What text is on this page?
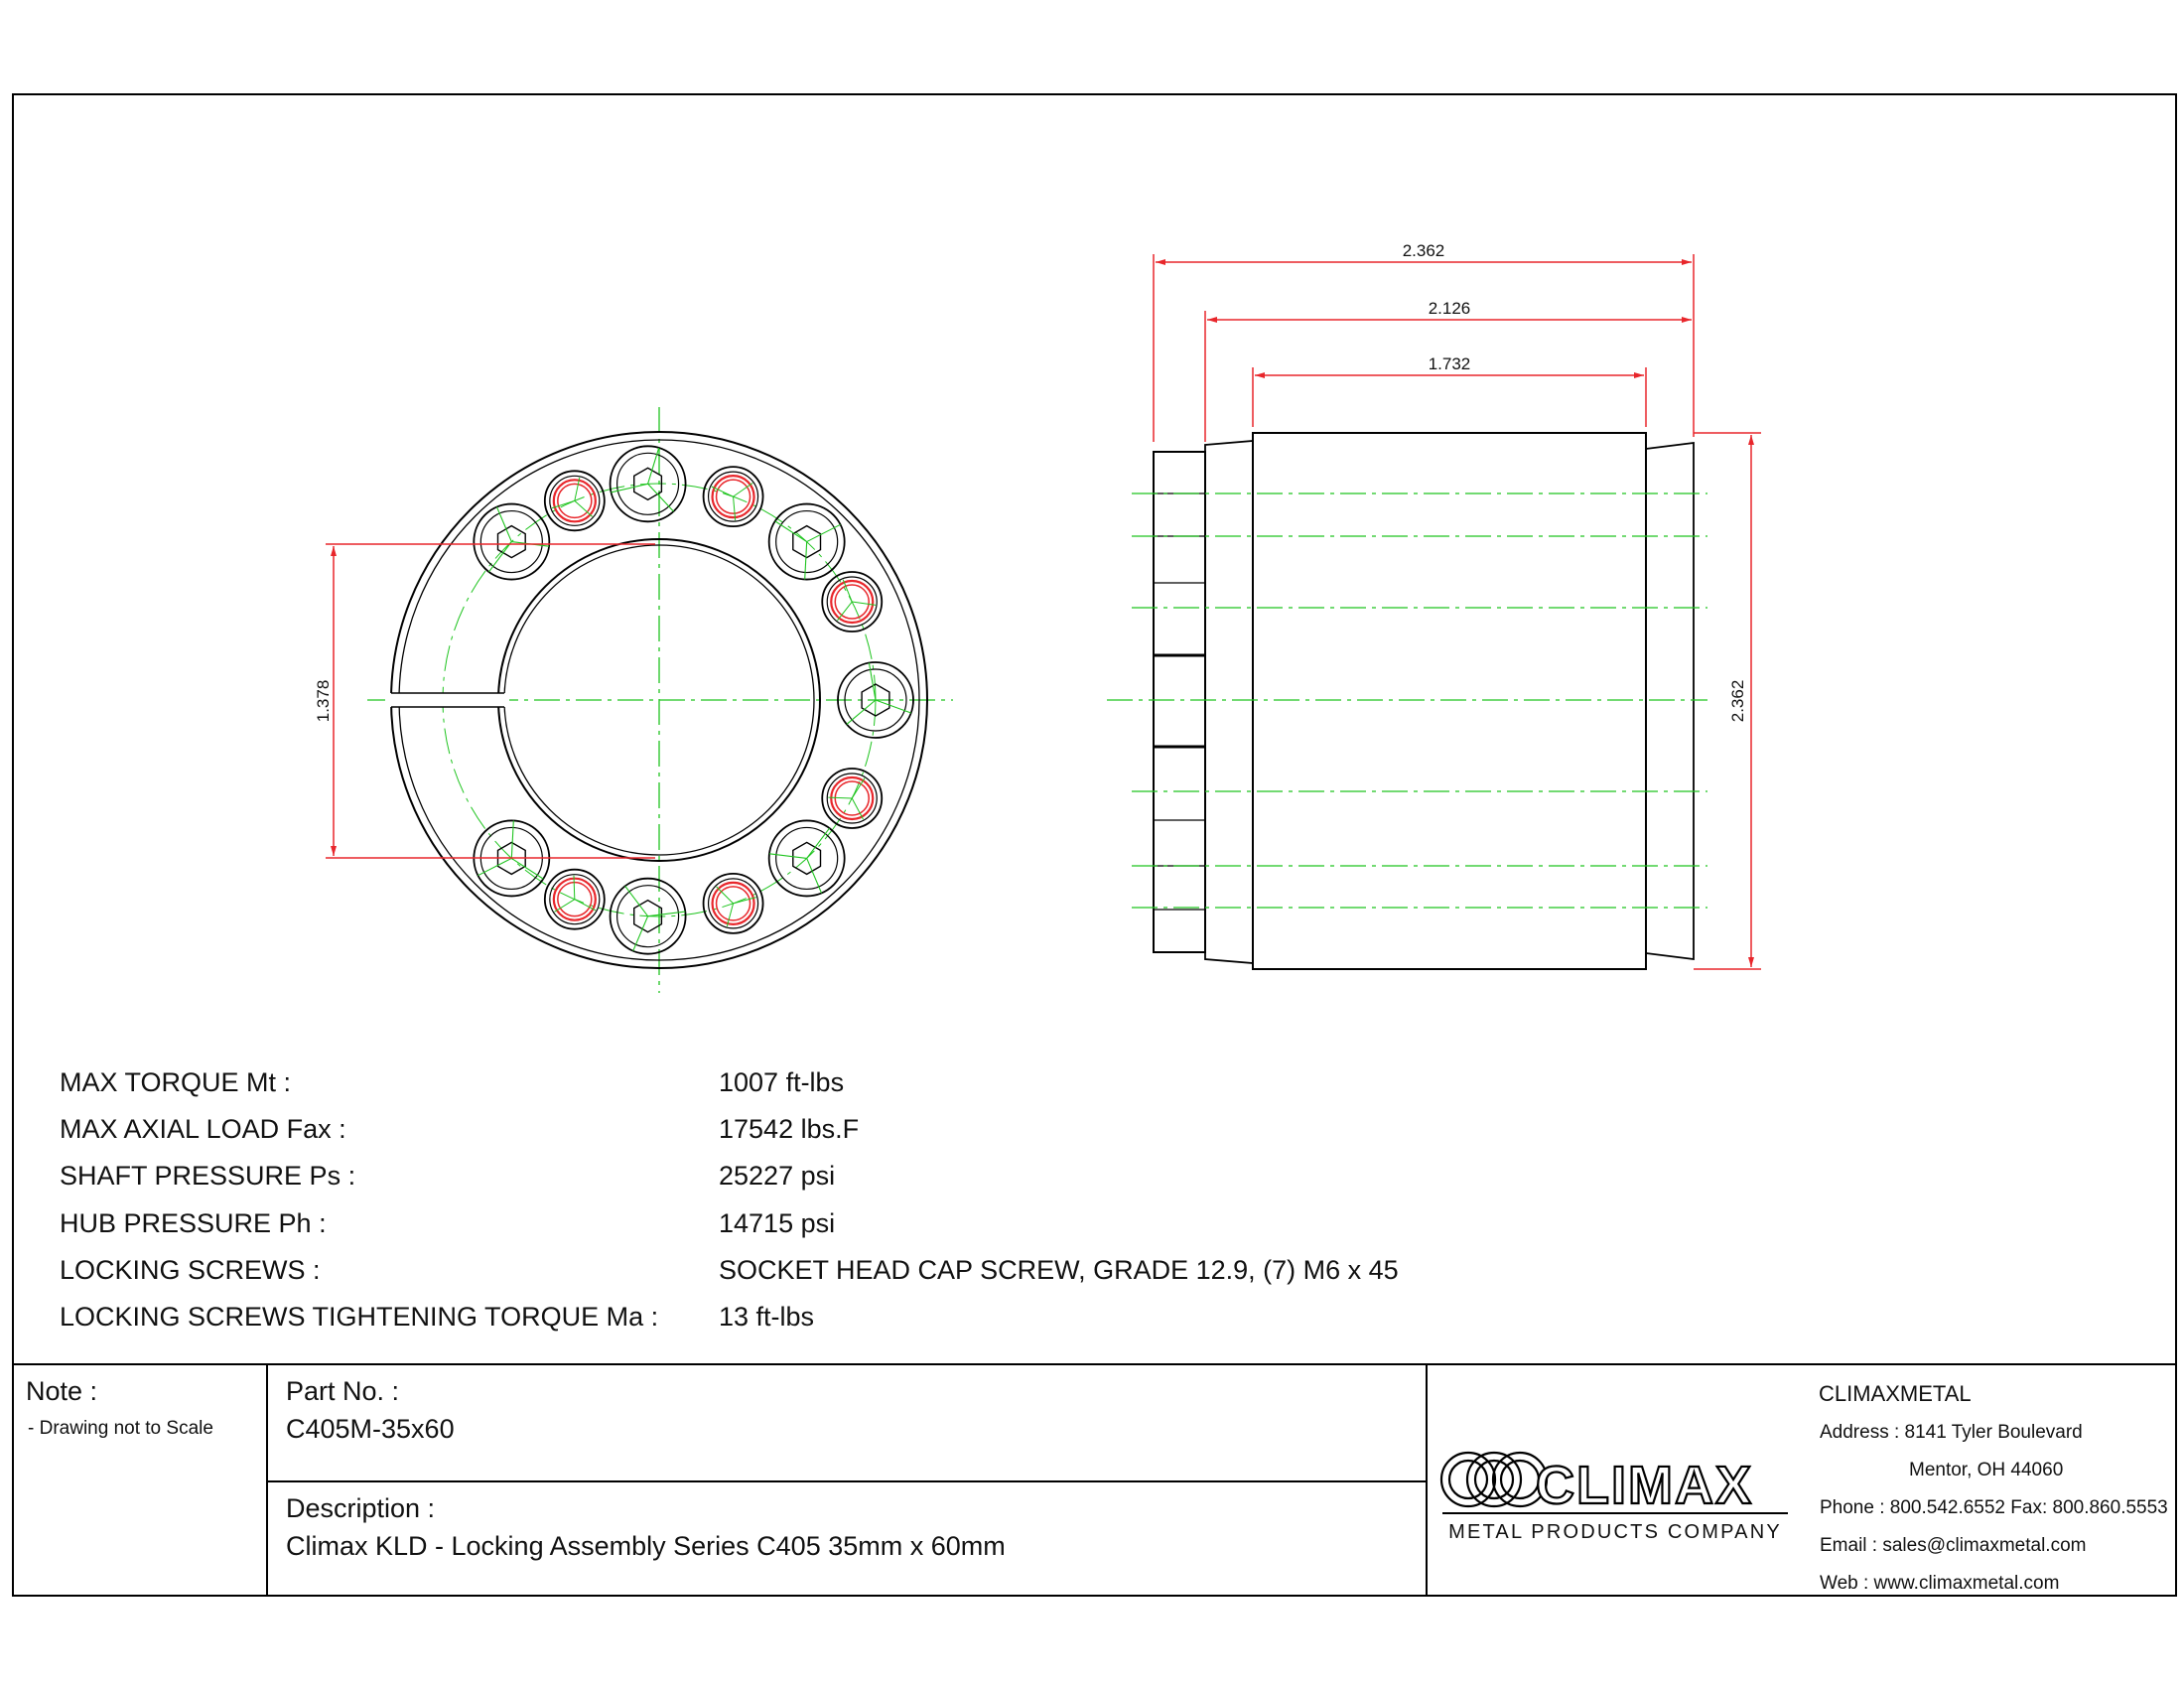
1.378
2.362
2.126
1.732
2.362
MAX TORQUE Mt :	1007 ft-lbs
MAX AXIAL LOAD Fax :	17542 lbs.F
SHAFT PRESSURE Ps :	25227 psi
HUB PRESSURE Ph :	14715 psi
LOCKING SCREWS :	SOCKET HEAD CAP SCREW, GRADE 12.9, (7) M6 x 45
LOCKING SCREWS TIGHTENING TORQUE Ma : 13 ft-lbs
Note :
- Drawing not to Scale
Part No. :
C405M-35x60
Description :
Climax KLD - Locking Assembly Series C405 35mm x 60mm
CLIMAX
METAL PRODUCTS COMPANY
CLIMAXMETAL
Address : 8141 Tyler Boulevard
Mentor, OH 44060
Phone : 800.542.6552 Fax: 800.860.5553
Email : sales@climaxmetal.com
Web : www.climaxmetal.com
